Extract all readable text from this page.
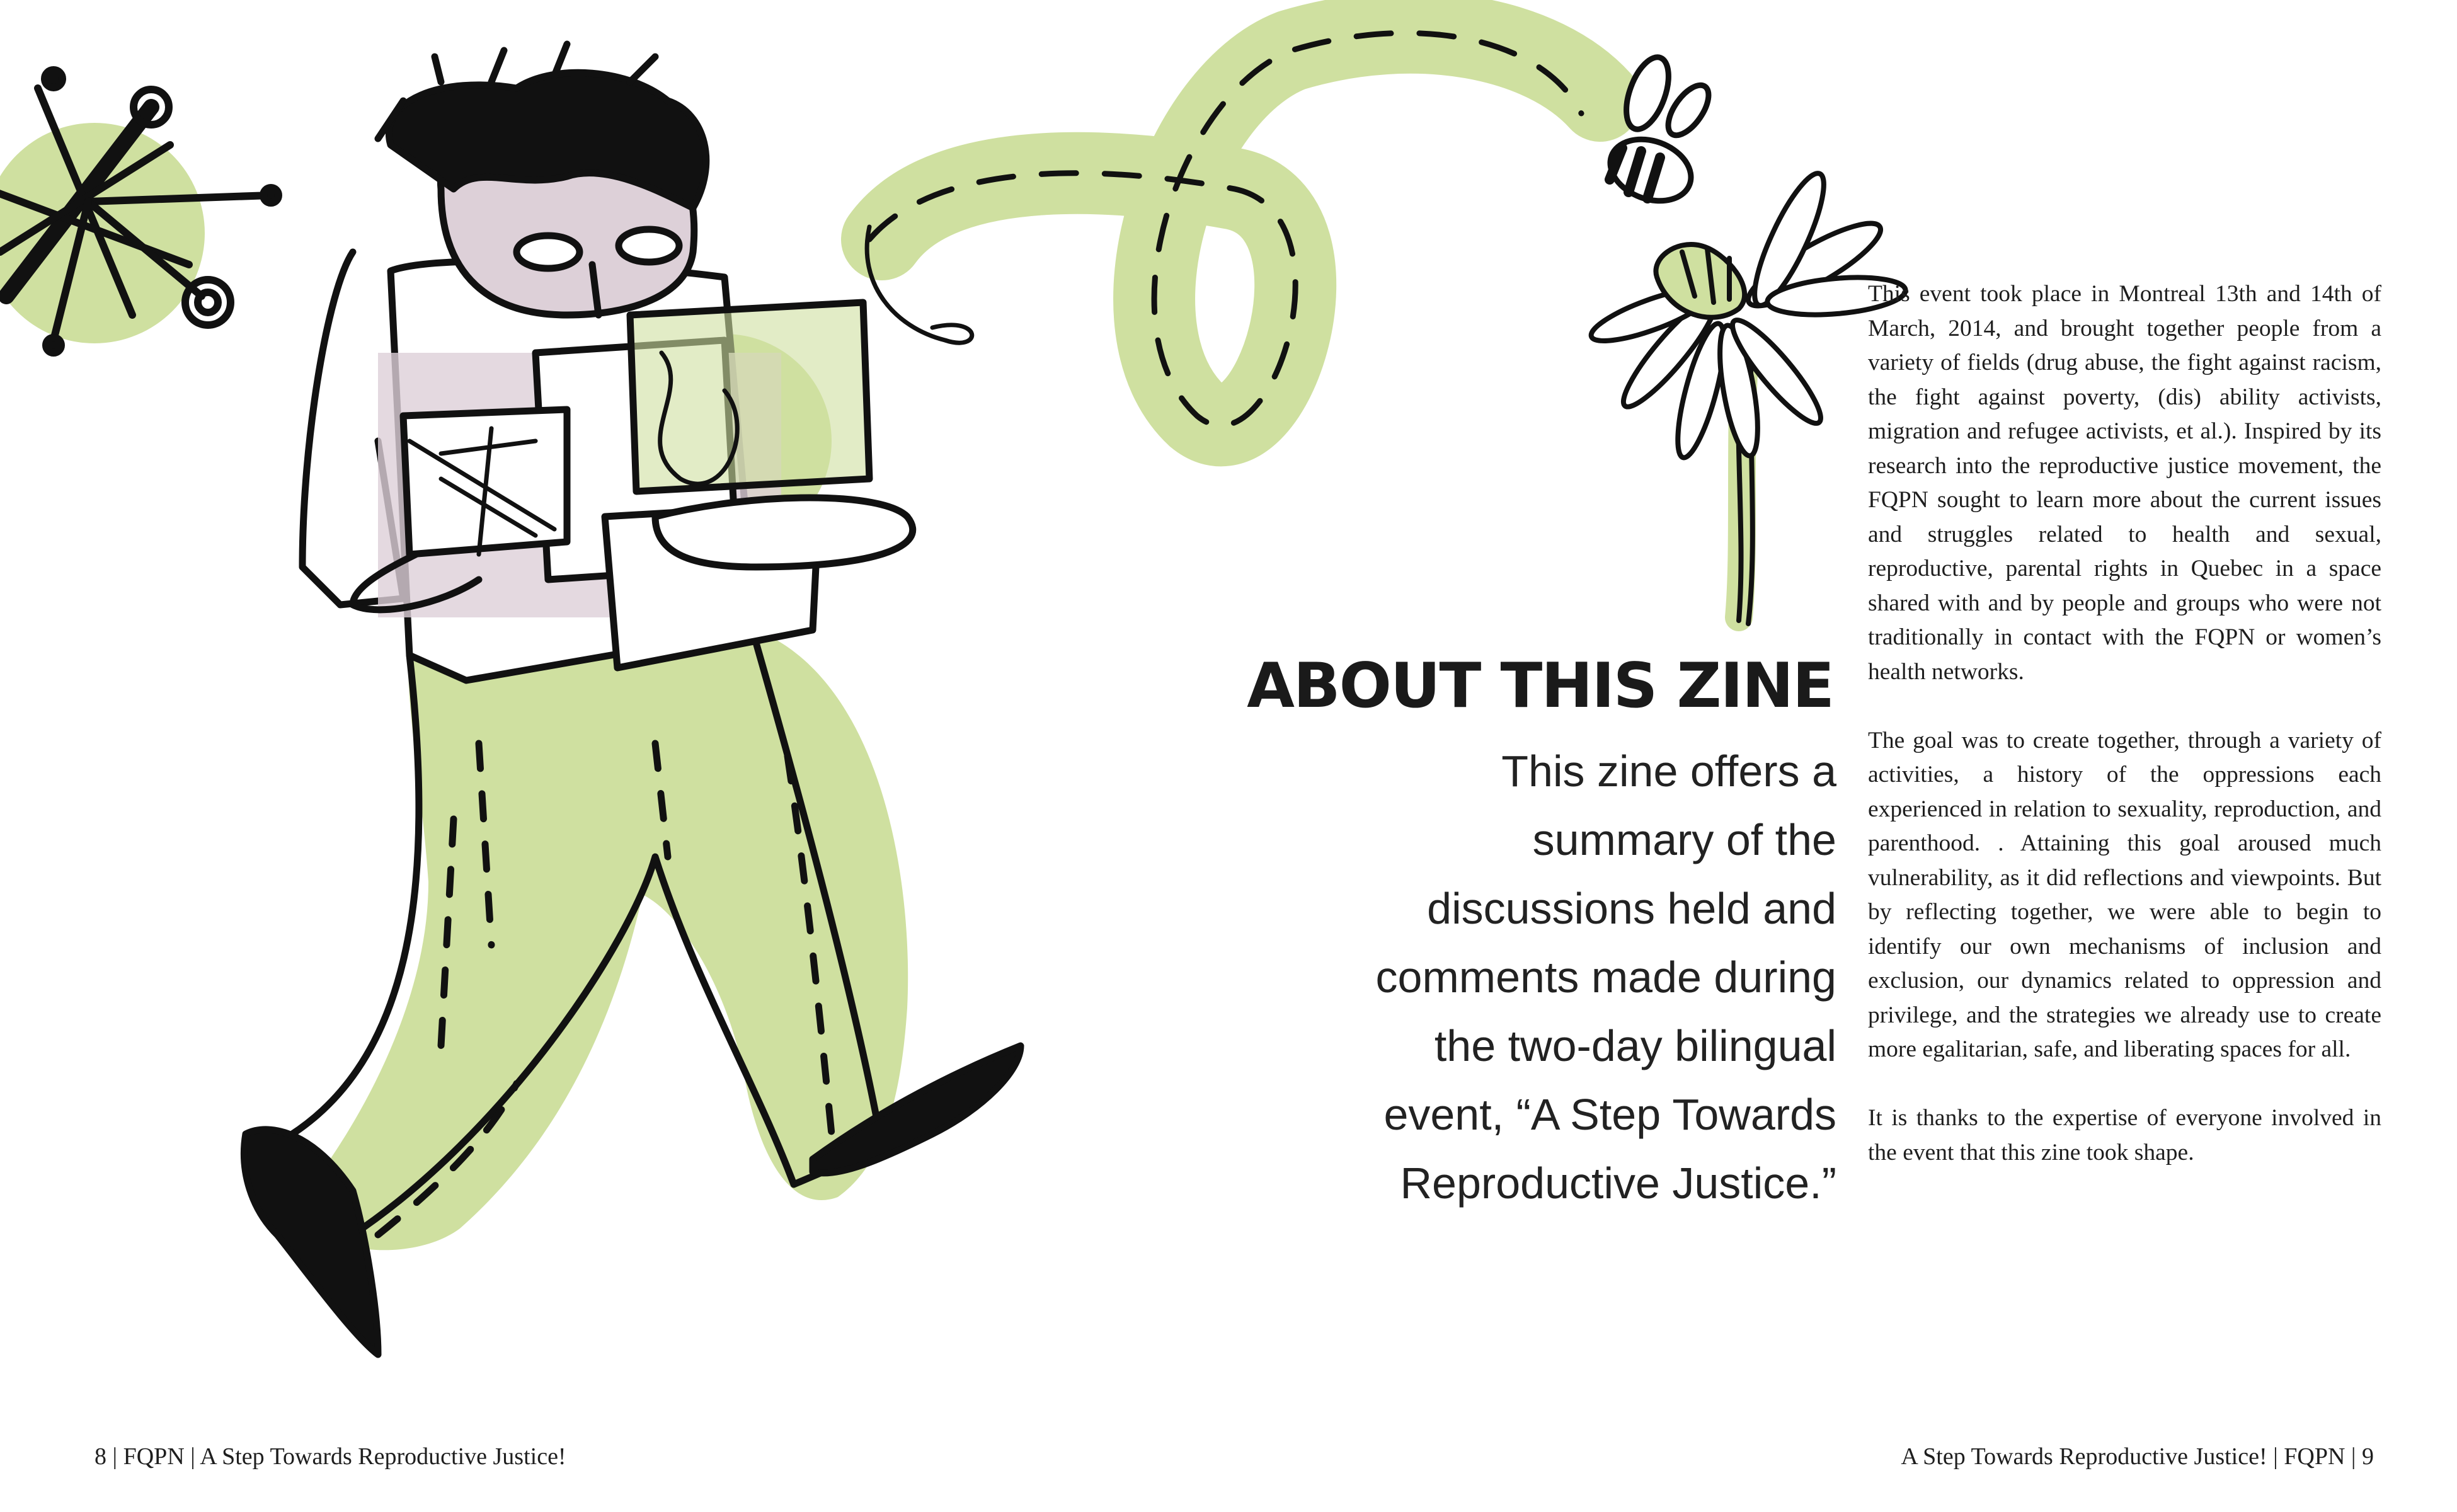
ABOUT THIS ZINE
This zine offers a
summary of the
discussions held and
comments made during
the two-day bilingual
event, “A Step Towards
Reproductive Justice.”

This event took place in Montreal 13th and 14th of March, 2014, and brought together people from a variety of fields (drug abuse, the fight against racism, the fight against poverty, (dis) ability activists, migration and refugee activists, et al.). Inspired by its research into the reproductive justice movement, the FQPN sought to learn more about the current issues and struggles related to health and sexual, reproductive, parental rights in Quebec in a space shared with and by people and groups who were not traditionally in contact with the FQPN or women’s health networks.

The goal was to create together, through a variety of activities, a history of the oppressions each experienced in relation to sexuality, reproduction, and parenthood. . Attaining this goal aroused much vulnerability, as it did reflections and viewpoints. But by reflecting together, we were able to begin to identify our own mechanisms of inclusion and exclusion, our dynamics related to oppression and privilege, and the strategies we already use to create more egalitarian, safe, and liberating spaces for all.

It is thanks to the expertise of everyone involved in the event that this zine took shape.

8 | FQPN | A Step Towards Reproductive Justice!	A Step Towards Reproductive Justice! | FQPN | 9
